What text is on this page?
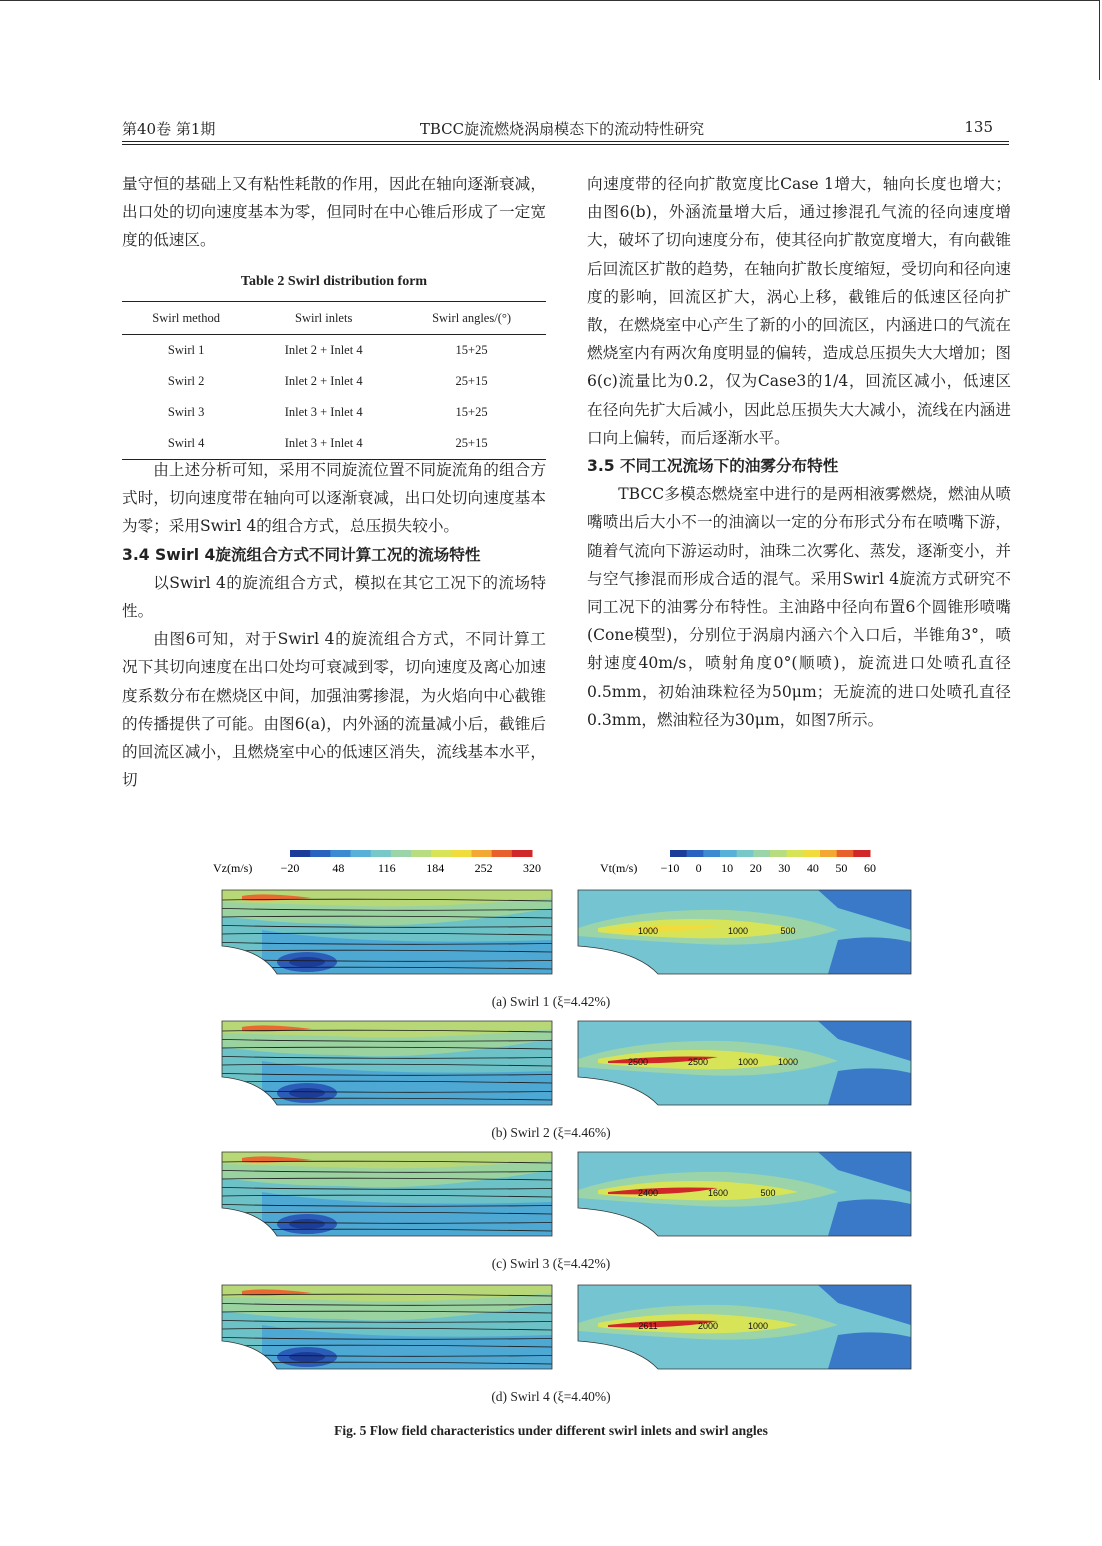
第40卷 第1期	TBCC旋流燃烧涡扇模态下的流动特性研究	135

量守恒的基础上又有粘性耗散的作用，因此在轴向逐渐衰减，出口处的切向速度基本为零，但同时在中心锥后形成了一定宽度的低速区。

Table 2 Swirl distribution form
Swirl method	Swirl inlets	Swirl angles/(°)
Swirl 1	Inlet 2 + Inlet 4	15+25
Swirl 2	Inlet 2 + Inlet 4	25+15
Swirl 3	Inlet 3 + Inlet 4	15+25
Swirl 4	Inlet 3 + Inlet 4	25+15

由上述分析可知，采用不同旋流位置不同旋流角的组合方式时，切向速度带在轴向可以逐渐衰减，出口处切向速度基本为零；采用Swirl 4的组合方式，总压损失较小。

3.4 Swirl 4旋流组合方式不同计算工况的流场特性

以Swirl 4的旋流组合方式，模拟在其它工况下的流场特性。

由图6可知，对于Swirl 4的旋流组合方式，不同计算工况下其切向速度在出口处均可衰减到零，切向速度及离心加速度系数分布在燃烧区中间，加强油雾掺混，为火焰向中心截锥的传播提供了可能。由图6(a)，内外涵的流量减小后，截锥后的回流区减小，且燃烧室中心的低速区消失，流线基本水平，切

向速度带的径向扩散宽度比Case 1增大，轴向长度也增大；由图6(b)，外涵流量增大后，通过掺混孔气流的径向速度增大，破坏了切向速度分布，使其径向扩散宽度增大，有向截锥后回流区扩散的趋势，在轴向扩散长度缩短，受切向和径向速度的影响，回流区扩大，涡心上移，截锥后的低速区径向扩散，在燃烧室中心产生了新的小的回流区，内涵进口的气流在燃烧室内有两次角度明显的偏转，造成总压损失大大增加；图6(c)流量比为0.2，仅为Case3的1/4，回流区减小，低速区在径向先扩大后减小，因此总压损失大大减小，流线在内涵进口向上偏转，而后逐渐水平。

3.5 不同工况流场下的油雾分布特性

TBCC多模态燃烧室中进行的是两相液雾燃烧，燃油从喷嘴喷出后大小不一的油滴以一定的分布形式分布在喷嘴下游，随着气流向下游运动时，油珠二次雾化、蒸发，逐渐变小，并与空气掺混而形成合适的混气。采用Swirl 4旋流方式研究不同工况下的油雾分布特性。主油路中径向布置6个圆锥形喷嘴(Cone模型)，分别位于涡扇内涵六个入口后，半锥角3°，喷射速度40m/s，喷射角度0°(顺喷)，旋流进口处喷孔直径0.5mm，初始油珠粒径为50μm；无旋流的进口处喷孔直径0.3mm，燃油粒径为30μm，如图7所示。

−20	48	116	184	252	320	−10 0 10 20 30 40 50 60
Vz(m/s)	Vt(m/s)
1000	1000	500
2500	2500	1000 1000
2400	1600	500
2611	2000	1000
(a) Swirl 1 (ξ=4.42%)
(b) Swirl 2 (ξ=4.46%)
(c) Swirl 3 (ξ=4.42%)
(d) Swirl 4 (ξ=4.40%)
Fig. 5 Flow field characteristics under different swirl inlets and swirl angles
